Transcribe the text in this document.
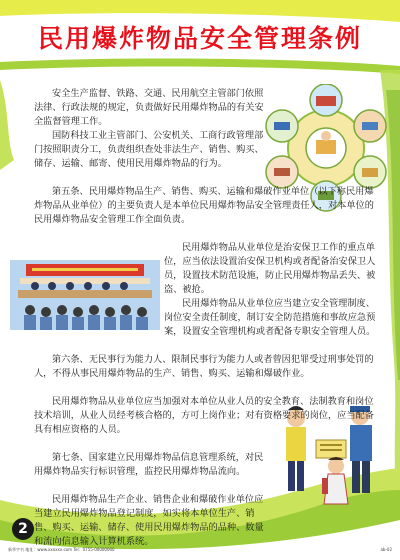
民用爆炸物品安全管理条例

安全生产监督、铁路、交通、民用航空主管部门依照法律、行政法规的规定，负责做好民用爆炸物品的有关安全监督管理工作。

国防科技工业主管部门、公安机关、工商行政管理部门按照职责分工，负责组织查处非法生产、销售、购买、储存、运输、邮寄、使用民用爆炸物品的行为。

第五条、民用爆炸物品生产、销售、购买、运输和爆破作业单位（以下称民用爆炸物品从业单位）的主要负责人是本单位民用爆炸物品安全管理责任人，对本单位的民用爆炸物品安全管理工作全面负责。

民用爆炸物品从业单位是治安保卫工作的重点单位，应当依法设置治安保卫机构或者配备治安保卫人员，设置技术防范设施，防止民用爆炸物品丢失、被盗、被抢。

民用爆炸物品从业单位应当建立安全管理制度、岗位安全责任制度，制订安全防范措施和事故应急预案，设置安全管理机构或者配备专职安全管理人员。

第六条、无民事行为能力人、限制民事行为能力人或者曾因犯罪受过刑事处罚的人，不得从事民用爆炸物品的生产、销售、购买、运输和爆破作业。

民用爆炸物品从业单位应当加强对本单位从业人员的安全教育、法制教育和岗位技术培训，从业人员经考核合格的，方可上岗作业；对有资格要求的岗位，应当配备具有相应资格的人员。

第七条、国家建立民用爆炸物品信息管理系统，对民用爆炸物品实行标识管理，监控民用爆炸物品流向。

民用爆炸物品生产企业、销售企业和爆破作业单位应当建立民用爆炸物品登记制度，如实将本单位生产、销售、购买、运输、储存、使用民用爆炸物品的品种、数量和流向信息输入计算机系统。

2
新华字书 地址：www.xxxxxx.com Tel：0755-00000000	ab-02
